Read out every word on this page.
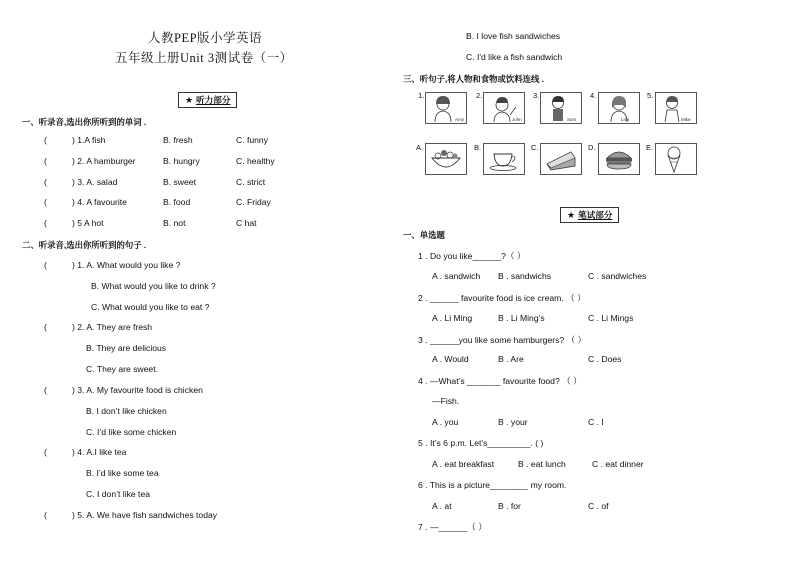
人教PEP版小学英语
五年级上册Unit 3测试卷（一）
★ 听力部分
一、听录音,选出你所听到的单词 .
(	) 1.A fish	B. fresh	C. funny
(	) 2. A hamburger	B. hungry	C. healthy
(	) 3. A. salad	B. sweet	C. strict
(	) 4. A favourite	B. food	C. Friday
(	) 5 A hot	B. not	C hat
二、听录音,选出你所听到的句子 .
(	) 1. A. What would you like ?
B. What would you like to drink ?
C. What would you like to eat ?
(	) 2. A. They are fresh
B. They are delicious
C. They are sweet.
(	) 3. A. My favourite food is chicken
B. I don’t like chicken
C. I’d like some chicken
(	) 4. A.I like tea
B. I’d like some tea
C. I don’t like tea
(	) 5. A. We have fish sandwiches today
B. I love fish sandwiches
C. I'd like a fish sandwich
三、听句子,将人物和食物或饮料连线 .
1.
Amy
2.
John
3.
Sam
4.
Lisa
5.
Mike
A.	B.	C.	D.	E.
★ 笔试部分
一、单选题
1 . Do you like______?（ ）
A . sandwich B . sandwichs	C . sandwiches
2 . ______ favourite food is ice cream. （ ）
A . Li Ming	B . Li Ming’s	C . Li Mings
3 . ______you like some hamburgers? （ ）
A . Would	B . Are	C . Does
4 . —What’s _______ favourite food? （ ）
—Fish.
A . you	B . your	C . I
5 . It’s 6 p.m. Let’s_________. ( )
A . eat breakfast	B . eat lunch	C . eat dinner
6 . This is a picture________ my room.
A . at	B . for	C . of
7 . —______（ ）
